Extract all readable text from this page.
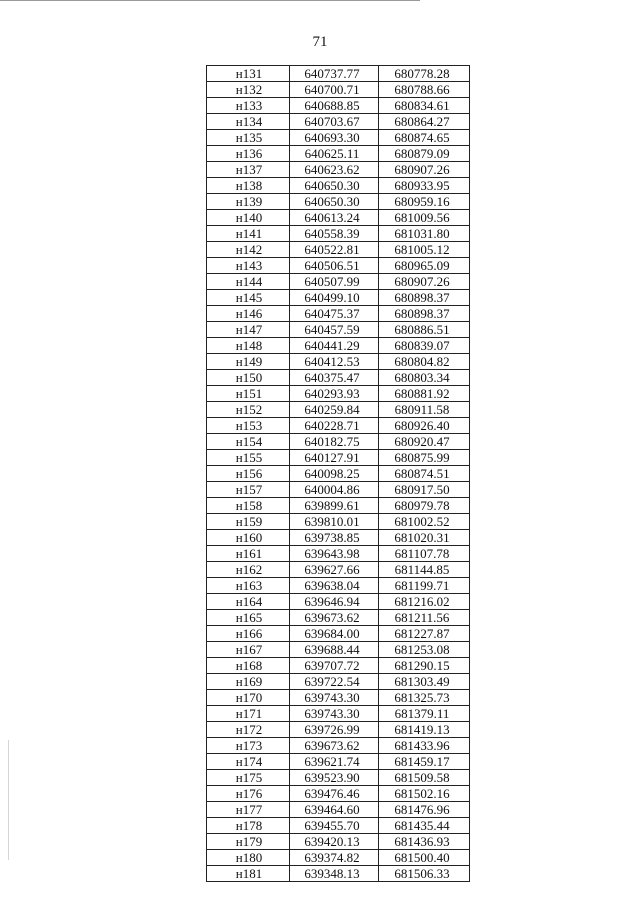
71
н131	640737.77	680778.28
н132	640700.71	680788.66
н133	640688.85	680834.61
н134	640703.67	680864.27
н135	640693.30	680874.65
н136	640625.11	680879.09
н137	640623.62	680907.26
н138	640650.30	680933.95
н139	640650.30	680959.16
н140	640613.24	681009.56
н141	640558.39	681031.80
н142	640522.81	681005.12
н143	640506.51	680965.09
н144	640507.99	680907.26
н145	640499.10	680898.37
н146	640475.37	680898.37
н147	640457.59	680886.51
н148	640441.29	680839.07
н149	640412.53	680804.82
н150	640375.47	680803.34
н151	640293.93	680881.92
н152	640259.84	680911.58
н153	640228.71	680926.40
н154	640182.75	680920.47
н155	640127.91	680875.99
н156	640098.25	680874.51
н157	640004.86	680917.50
н158	639899.61	680979.78
н159	639810.01	681002.52
н160	639738.85	681020.31
н161	639643.98	681107.78
н162	639627.66	681144.85
н163	639638.04	681199.71
н164	639646.94	681216.02
н165	639673.62	681211.56
н166	639684.00	681227.87
н167	639688.44	681253.08
н168	639707.72	681290.15
н169	639722.54	681303.49
н170	639743.30	681325.73
н171	639743.30	681379.11
н172	639726.99	681419.13
н173	639673.62	681433.96
н174	639621.74	681459.17
н175	639523.90	681509.58
н176	639476.46	681502.16
н177	639464.60	681476.96
н178	639455.70	681435.44
н179	639420.13	681436.93
н180	639374.82	681500.40
н181	639348.13	681506.33
